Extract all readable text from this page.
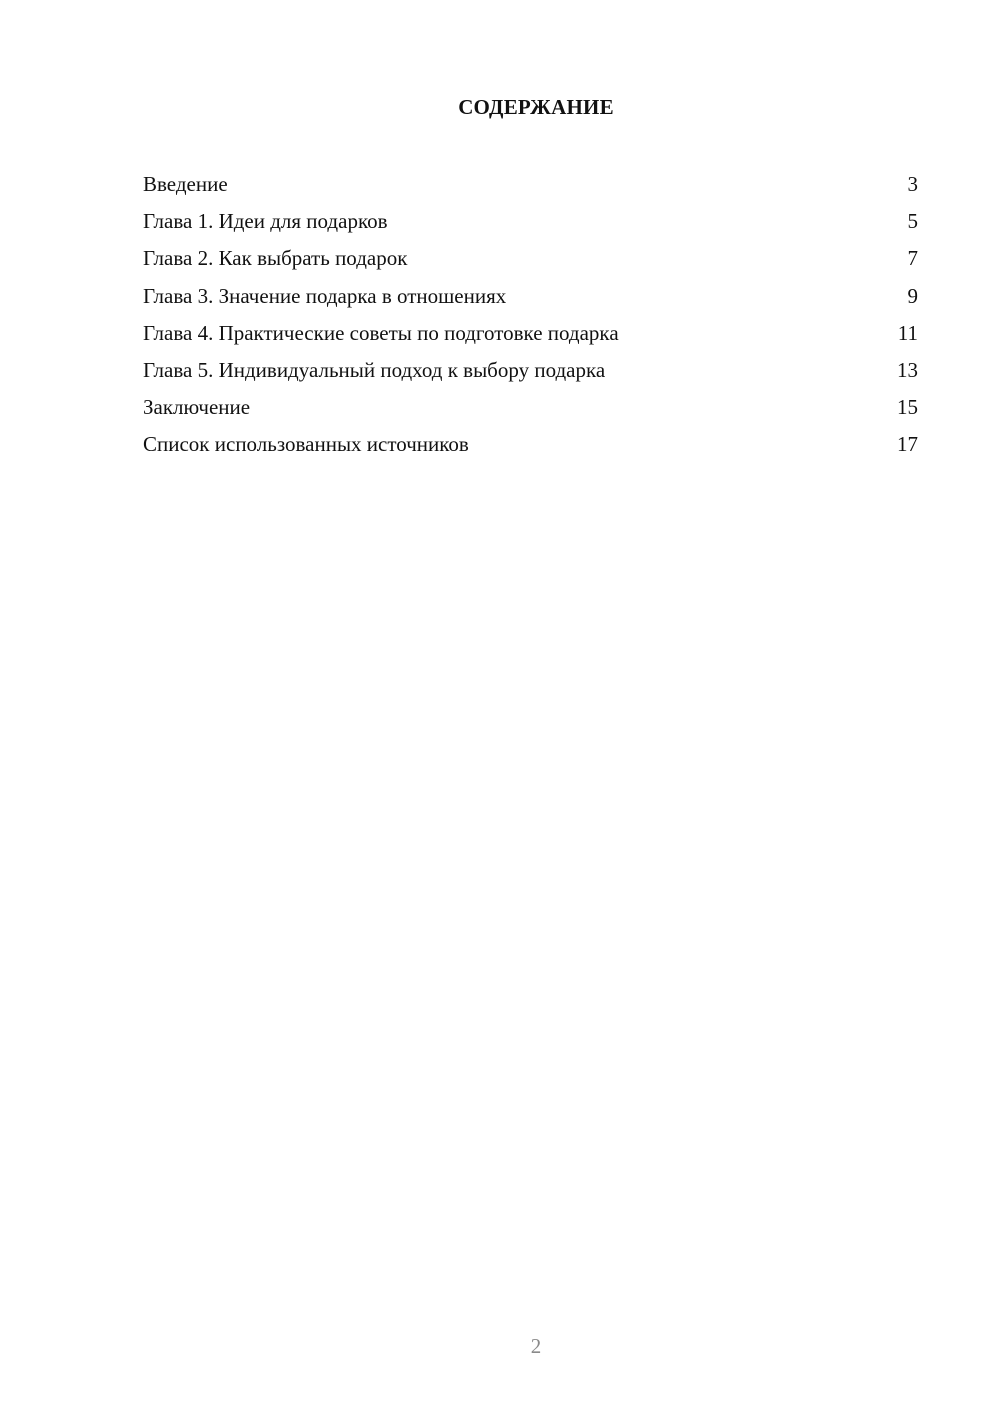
СОДЕРЖАНИЕ
Введение	3
Глава 1. Идеи для подарков	5
Глава 2. Как выбрать подарок	7
Глава 3. Значение подарка в отношениях	9
Глава 4. Практические советы по подготовке подарка	11
Глава 5. Индивидуальный подход к выбору подарка	13
Заключение	15
Список использованных источников	17
2
